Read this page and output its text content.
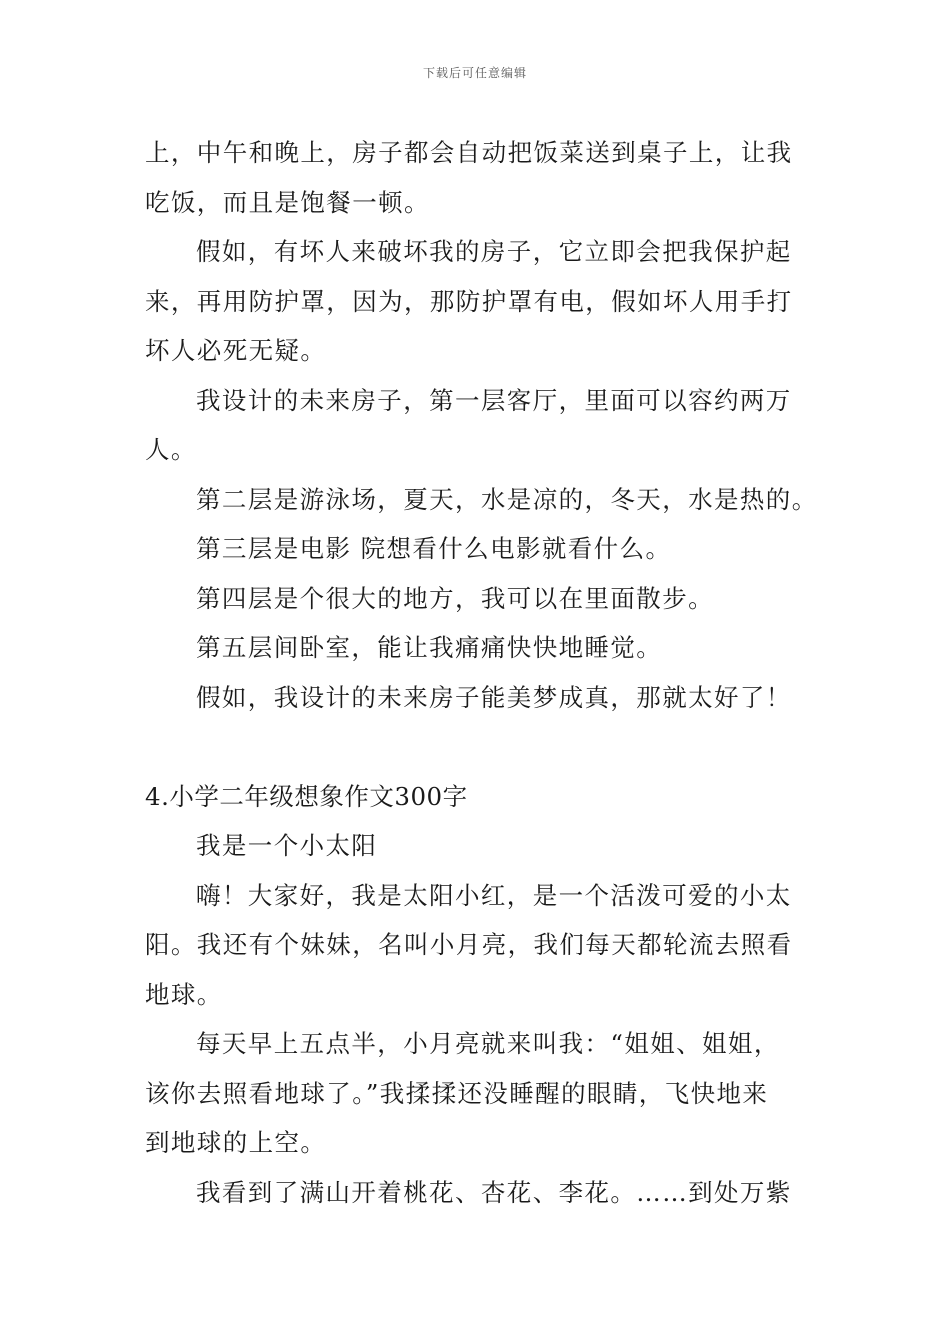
下载后可任意编辑
上，中午和晚上，房子都会自动把饭菜送到桌子上，让我
吃饭，而且是饱餐一顿。
假如，有坏人来破坏我的房子，它立即会把我保护起
来，再用防护罩，因为，那防护罩有电，假如坏人用手打
坏人必死无疑。
我设计的未来房子，第一层客厅，里面可以容约两万
人。
第二层是游泳场，夏天，水是凉的，冬天，水是热的。
第三层是电影 院想看什么电影就看什么。
第四层是个很大的地方，我可以在里面散步。
第五层间卧室，能让我痛痛快快地睡觉。
假如，我设计的未来房子能美梦成真，那就太好了！
4.小学二年级想象作文300字
我是一个小太阳
嗨！大家好，我是太阳小红，是一个活泼可爱的小太
阳。我还有个妹妹，名叫小月亮，我们每天都轮流去照看
地球。
每天早上五点半，小月亮就来叫我：“姐姐、姐姐，
该你去照看地球了。”我揉揉还没睡醒的眼睛，飞快地来
到地球的上空。
我看到了满山开着桃花、杏花、李花。……到处万紫
